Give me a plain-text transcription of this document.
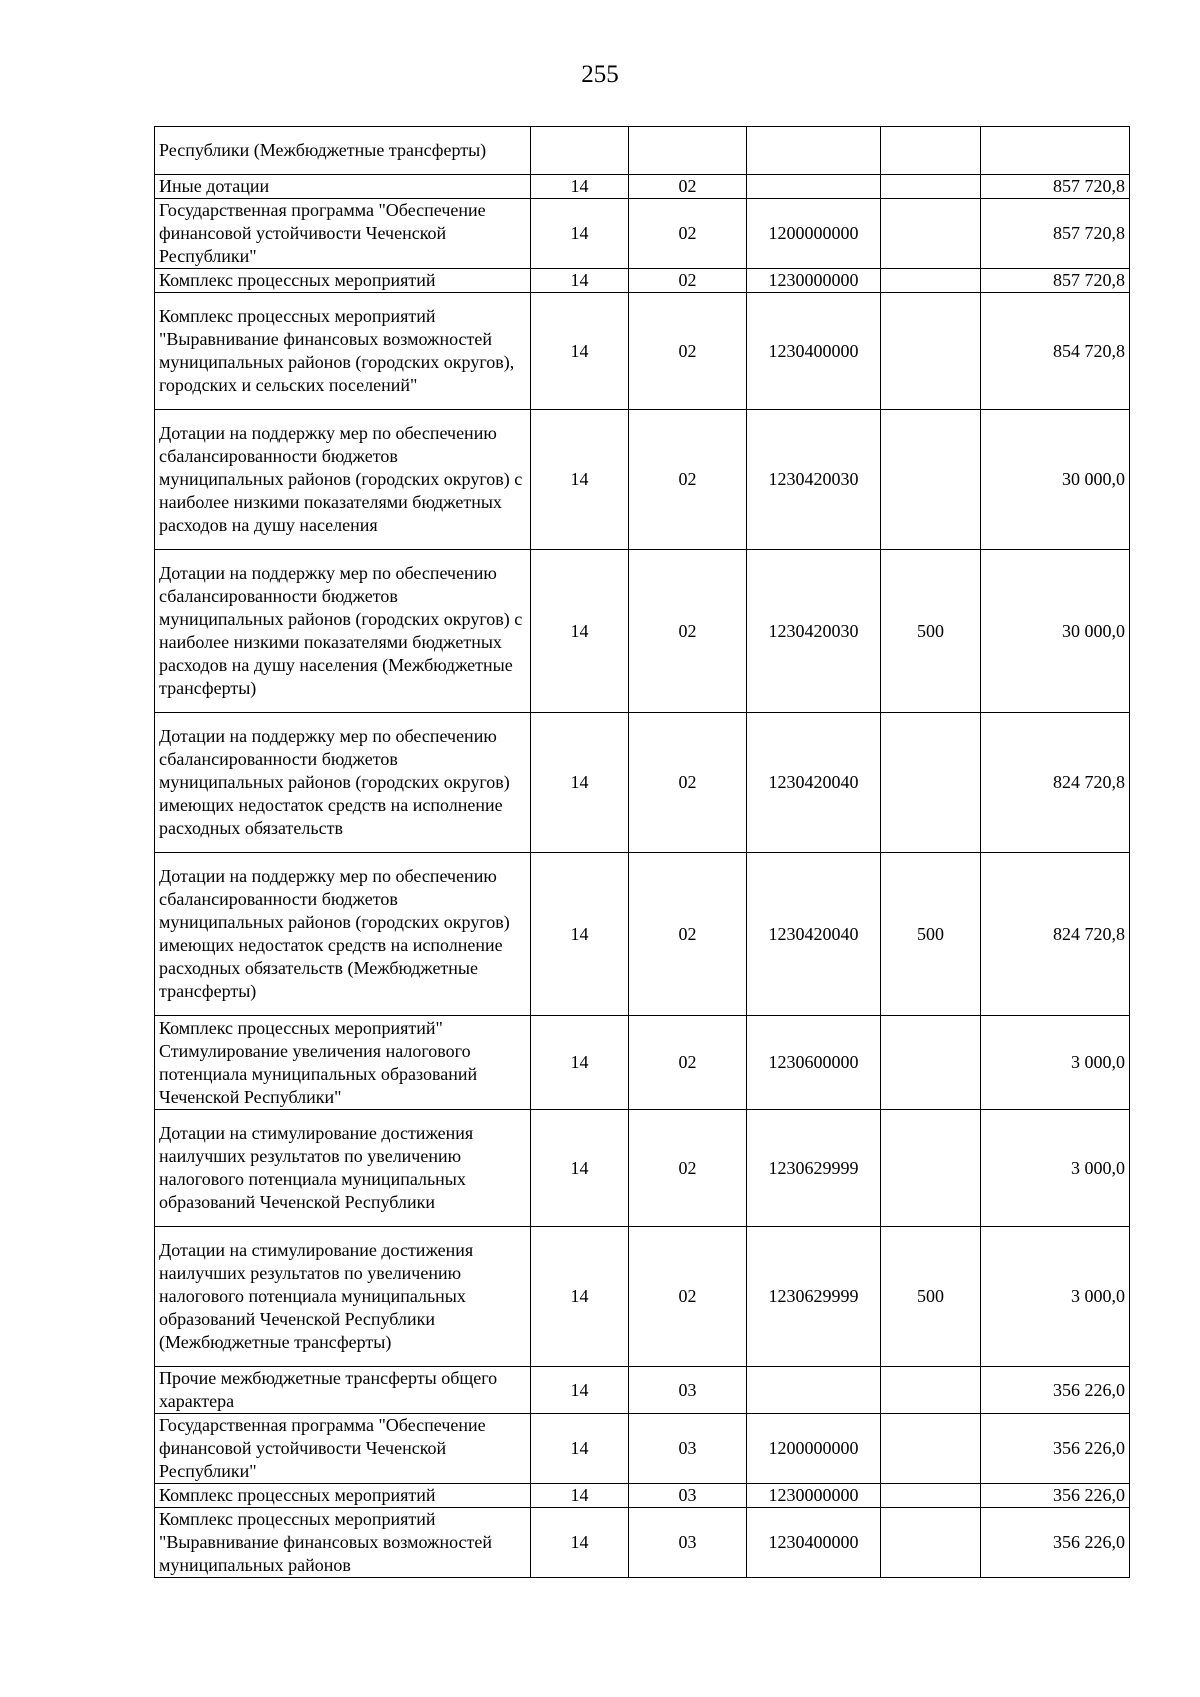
255
Республики (Межбюджетные трансферты)					
Иные дотации	14	02			857 720,8
Государственная программа "Обеспечение финансовой устойчивости Чеченской Республики"	14	02	1200000000		857 720,8
Комплекс процессных мероприятий	14	02	1230000000		857 720,8
Комплекс процессных мероприятий "Выравнивание финансовых возможностей муниципальных районов (городских округов), городских и сельских поселений"	14	02	1230400000		854 720,8
Дотации на поддержку мер по обеспечению сбалансированности бюджетов муниципальных районов (городских округов) с наиболее низкими показателями бюджетных расходов на душу населения	14	02	1230420030		30 000,0
Дотации на поддержку мер по обеспечению сбалансированности бюджетов муниципальных районов (городских округов) с наиболее низкими показателями бюджетных расходов на душу населения (Межбюджетные трансферты)	14	02	1230420030	500	30 000,0
Дотации на поддержку мер по обеспечению сбалансированности бюджетов муниципальных районов (городских округов) имеющих недостаток средств на исполнение расходных обязательств	14	02	1230420040		824 720,8
Дотации на поддержку мер по обеспечению сбалансированности бюджетов муниципальных районов (городских округов) имеющих недостаток средств на исполнение расходных обязательств (Межбюджетные трансферты)	14	02	1230420040	500	824 720,8
Комплекс процессных мероприятий" Стимулирование увеличения налогового потенциала муниципальных образований Чеченской Республики"	14	02	1230600000		3 000,0
Дотации на стимулирование достижения наилучших результатов по увеличению налогового потенциала муниципальных образований Чеченской Республики	14	02	1230629999		3 000,0
Дотации на стимулирование достижения наилучших результатов по увеличению налогового потенциала муниципальных образований Чеченской Республики (Межбюджетные трансферты)	14	02	1230629999	500	3 000,0
Прочие межбюджетные трансферты общего характера	14	03			356 226,0
Государственная программа "Обеспечение финансовой устойчивости Чеченской Республики"	14	03	1200000000		356 226,0
Комплекс процессных мероприятий	14	03	1230000000		356 226,0
Комплекс процессных мероприятий "Выравнивание финансовых возможностей муниципальных районов	14	03	1230400000		356 226,0
